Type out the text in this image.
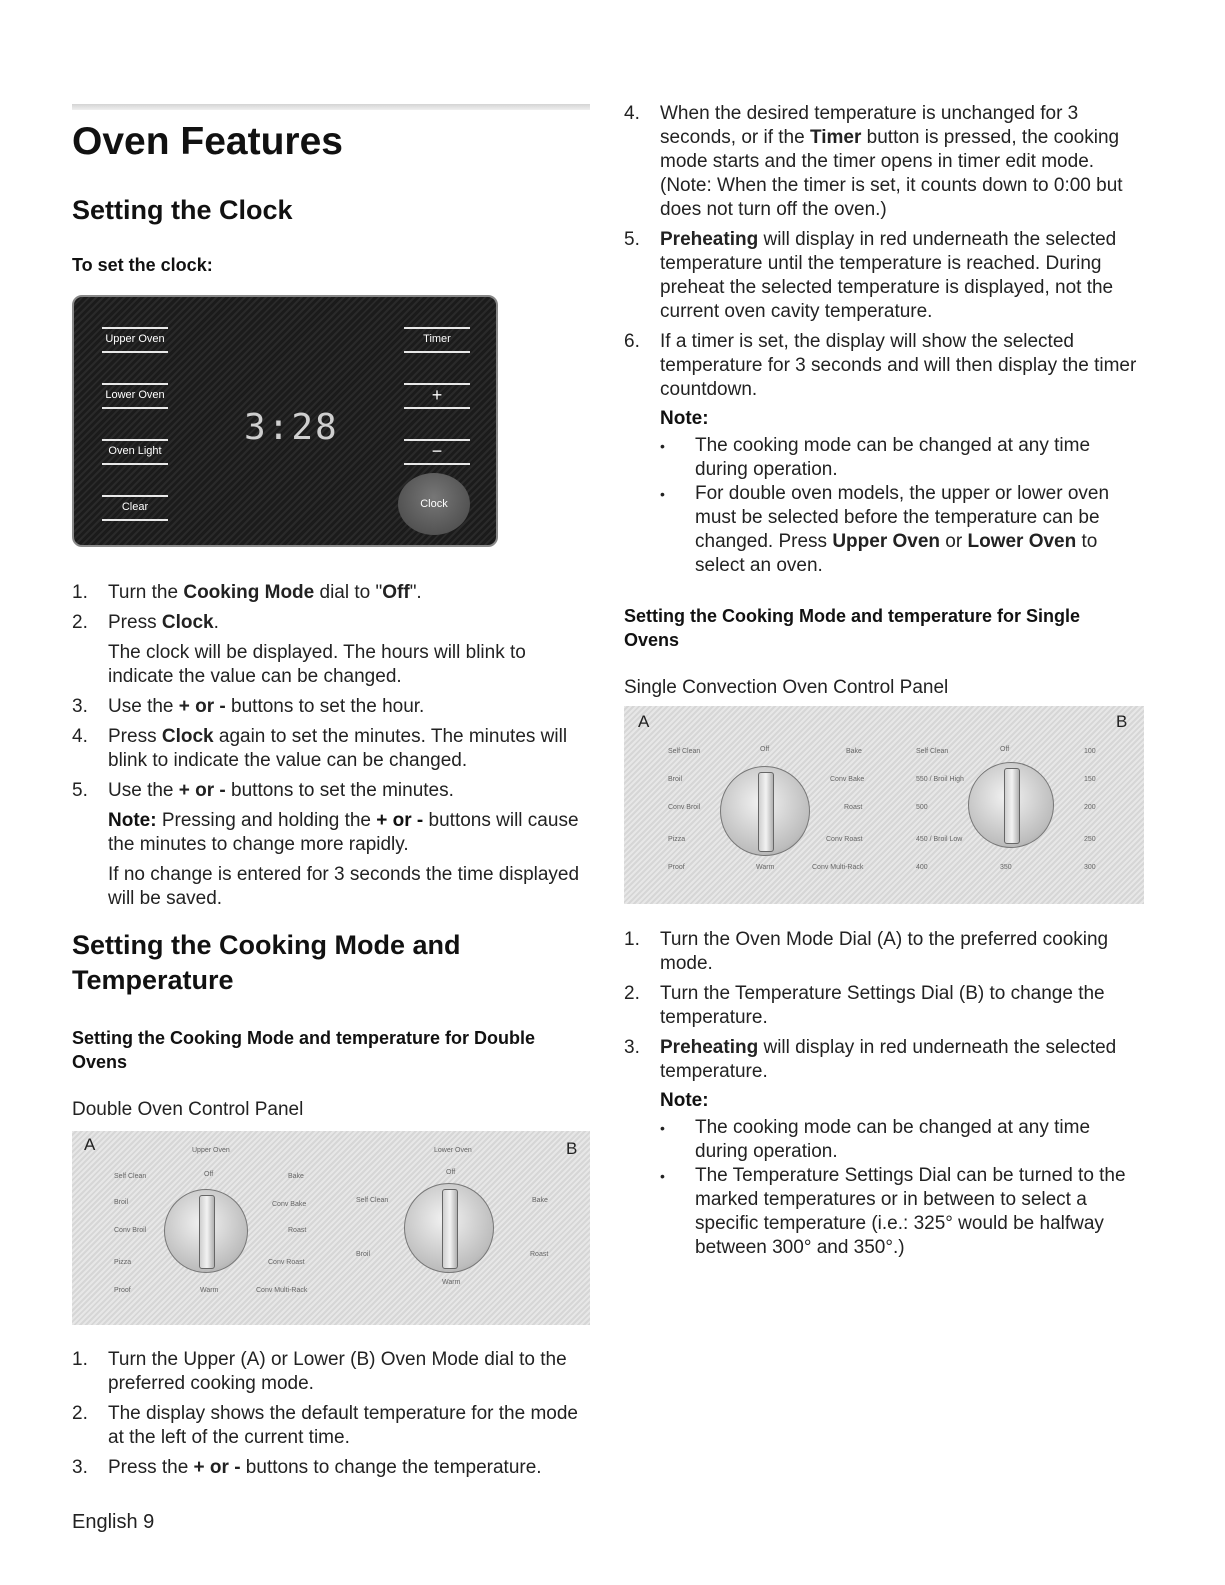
Oven Features
Setting the Clock
To set the clock:
Upper Oven
Lower Oven
Oven Light
Clear
Timer
+
−
Clock
3:28
1. Turn the Cooking Mode dial to "Off".
2. Press Clock.
The clock will be displayed. The hours will blink to indicate the value can be changed.
3. Use the + or - buttons to set the hour.
4. Press Clock again to set the minutes. The minutes will blink to indicate the value can be changed.
5. Use the + or - buttons to set the minutes.
Note: Pressing and holding the + or - buttons will cause the minutes to change more rapidly.
If no change is entered for 3 seconds the time displayed will be saved.
Setting the Cooking Mode and Temperature
Setting the Cooking Mode and temperature for Double Ovens

Double Oven Control Panel

A	B
Upper Oven
Self Clean	Off	Bake
Broil	Conv Bake
Conv Broil	Roast
Pizza	Conv Roast
Proof	Warm	Conv Multi-Rack
Lower Oven
Off
Self Clean	Bake
Broil	Roast
Warm
1. Turn the Upper (A) or Lower (B) Oven Mode dial to the preferred cooking mode.
2. The display shows the default temperature for the mode at the left of the current time.
3. Press the + or - buttons to change the temperature.
English 9
4. When the desired temperature is unchanged for 3 seconds, or if the Timer button is pressed, the cooking mode starts and the timer opens in timer edit mode. (Note: When the timer is set, it counts down to 0:00 but does not turn off the oven.)
5. Preheating will display in red underneath the selected temperature until the temperature is reached. During preheat the selected temperature is displayed, not the current oven cavity temperature.
6. If a timer is set, the display will show the selected temperature for 3 seconds and will then display the timer countdown.
Note:
• The cooking mode can be changed at any time during operation.
• For double oven models, the upper or lower oven must be selected before the temperature can be changed. Press Upper Oven or Lower Oven to select an oven.
Setting the Cooking Mode and temperature for Single Ovens

Single Convection Oven Control Panel

A	B
Self Clean	Off	Bake
Broil	Conv Bake
Conv Broil	Roast
Pizza	Conv Roast
Proof	Warm	Conv Multi-Rack
Self Clean	Off	100
550 / Broil High	150
500	200
450 / Broil Low	250
400	350	300
1. Turn the Oven Mode Dial (A) to the preferred cooking mode.
2. Turn the Temperature Settings Dial (B) to change the temperature.
3. Preheating will display in red underneath the selected temperature.
Note:
• The cooking mode can be changed at any time during operation.
• The Temperature Settings Dial can be turned to the marked temperatures or in between to select a specific temperature (i.e.: 325° would be halfway between 300° and 350°.)
